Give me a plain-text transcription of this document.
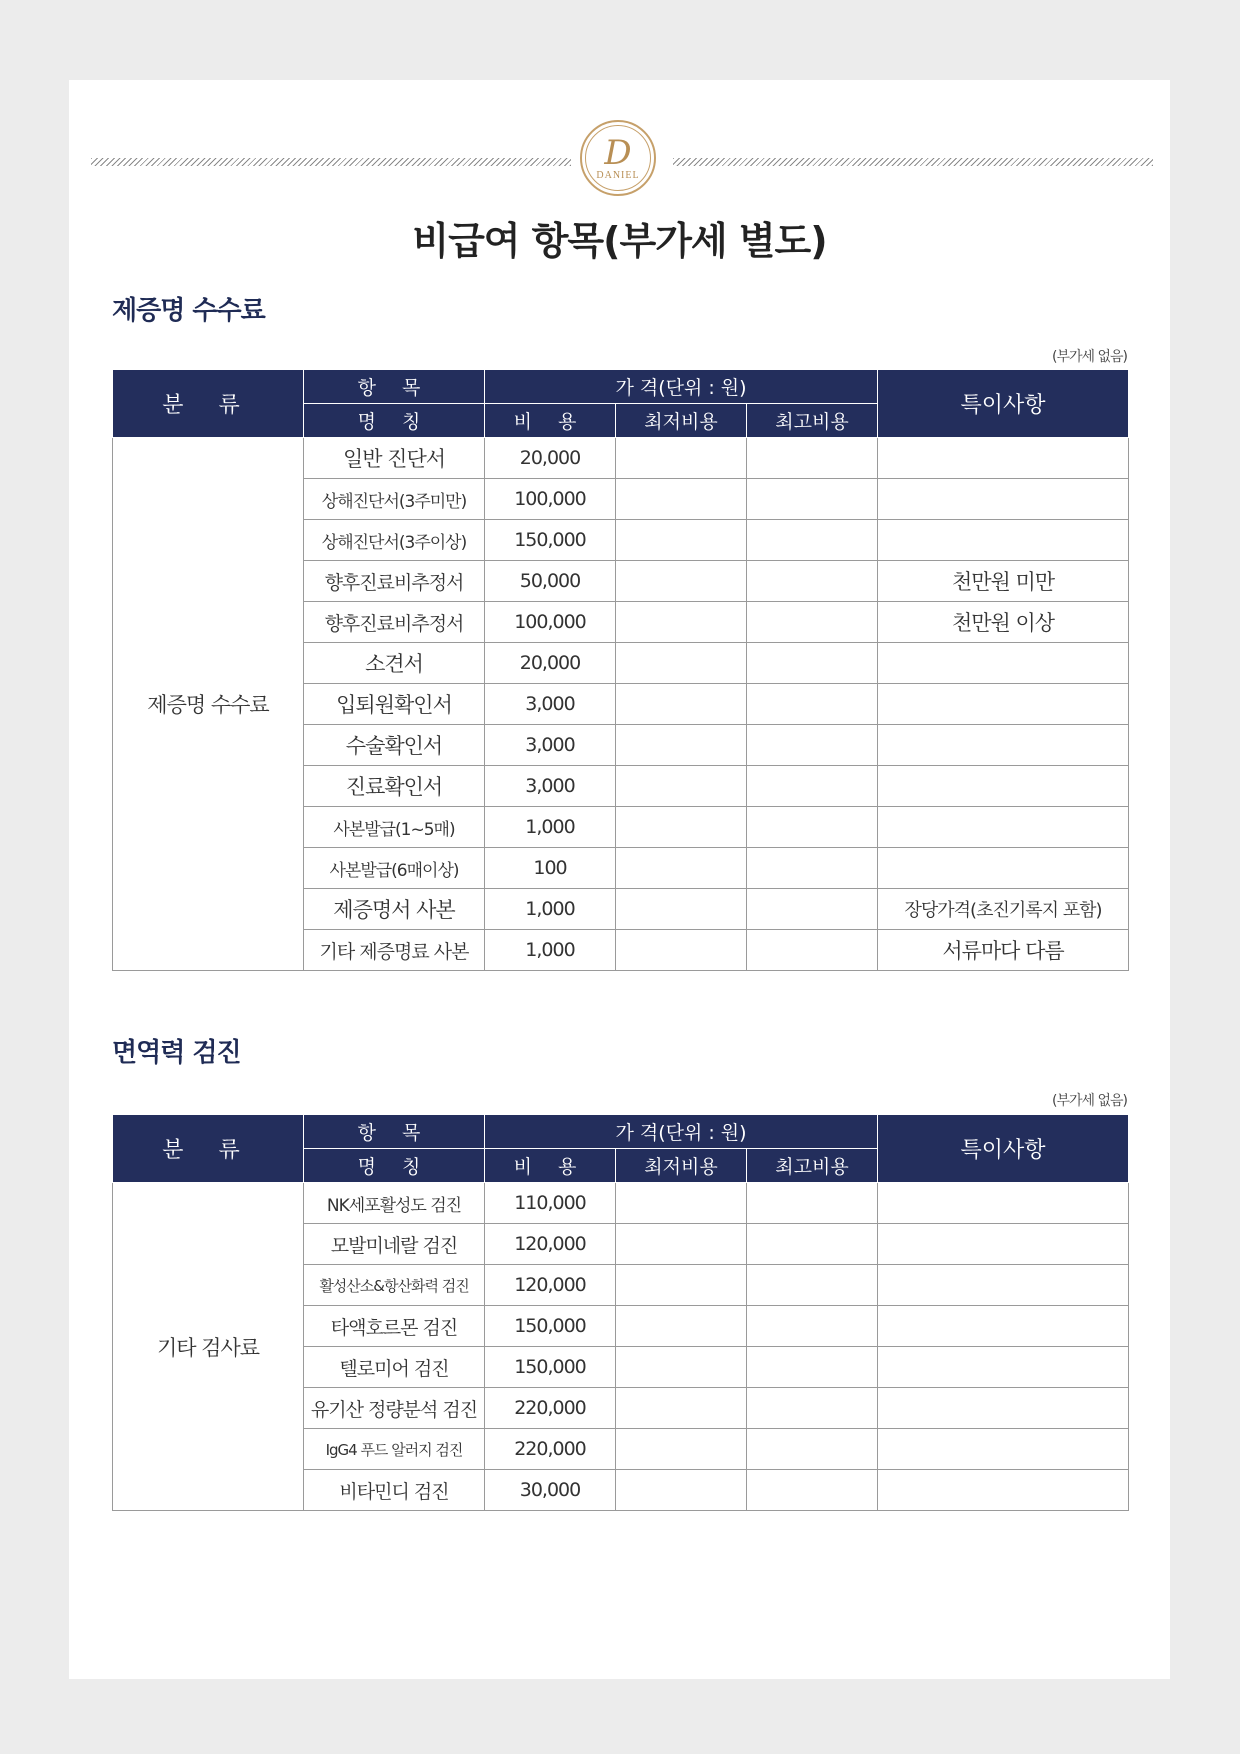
D
DANIEL
비급여 항목(부가세 별도)
제증명 수수료
(부가세 없음)
분 류	항 목	가 격(단위 : 원)			특이사항
	명 칭	비 용	최저비용	최고비용	
제증명 수수료	일반 진단서	20,000			
	상해진단서(3주미만)	100,000			
	상해진단서(3주이상)	150,000			
	향후진료비추정서	50,000			천만원 미만
	향후진료비추정서	100,000			천만원 이상
	소견서	20,000			
	입퇴원확인서	3,000			
	수술확인서	3,000			
	진료확인서	3,000			
	사본발급(1~5매)	1,000			
	사본발급(6매이상)	100			
	제증명서 사본	1,000			장당가격(초진기록지 포함)
	기타 제증명료 사본	1,000			서류마다 다름
면역력 검진
(부가세 없음)
분 류	항 목	가 격(단위 : 원)			특이사항
	명 칭	비 용	최저비용	최고비용	
기타 검사료	NK세포활성도 검진	110,000			
	모발미네랄 검진	120,000			
	활성산소&항산화력 검진	120,000			
	타액호르몬 검진	150,000			
	텔로미어 검진	150,000			
	유기산 정량분석 검진	220,000			
	IgG4 푸드 알러지 검진	220,000			
	비타민디 검진	30,000			
